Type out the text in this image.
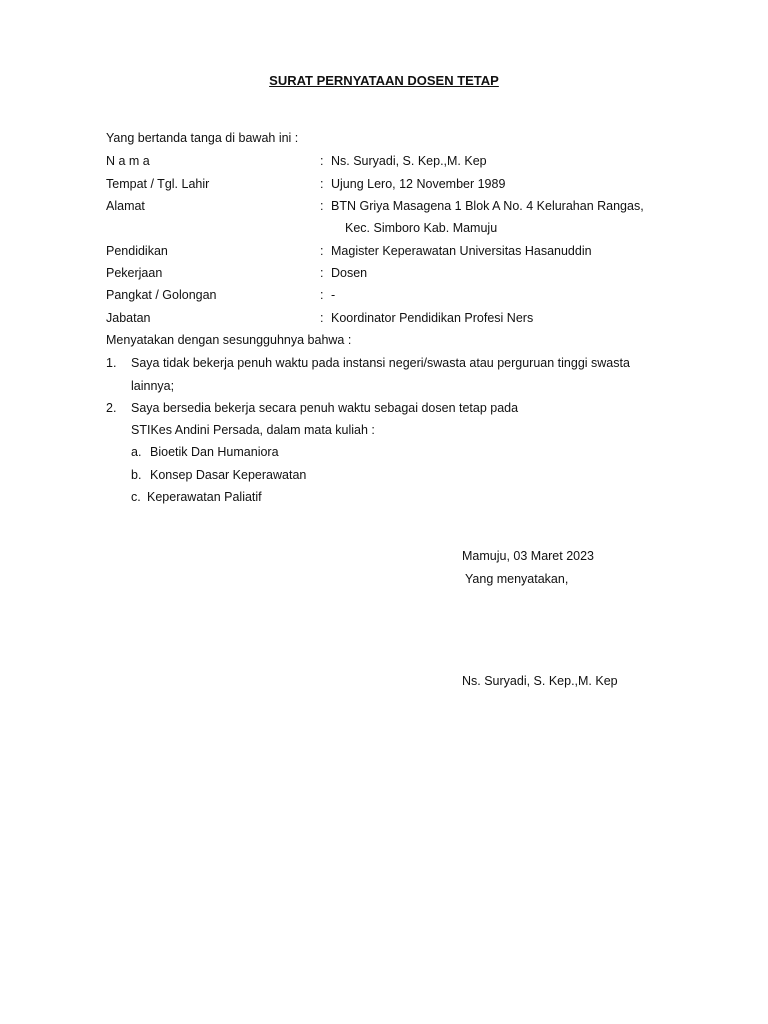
SURAT PERNYATAAN DOSEN TETAP
Yang bertanda tanga di bawah ini :
N a m a	: Ns. Suryadi, S. Kep.,M. Kep
Tempat / Tgl. Lahir	: Ujung Lero, 12 November 1989
Alamat	: BTN Griya Masagena 1 Blok A No. 4 Kelurahan Rangas,
Kec. Simboro Kab. Mamuju
Pendidikan	: Magister Keperawatan Universitas Hasanuddin
Pekerjaan	: Dosen
Pangkat / Golongan	: -
Jabatan	: Koordinator Pendidikan Profesi Ners
Menyatakan dengan sesungguhnya bahwa :
1. Saya tidak bekerja penuh waktu pada instansi negeri/swasta atau perguruan tinggi swasta
lainnya;
2. Saya bersedia bekerja secara penuh waktu sebagai dosen tetap pada
STIKes Andini Persada, dalam mata kuliah :
a. Bioetik Dan Humaniora
b. Konsep Dasar Keperawatan
c. Keperawatan Paliatif
Mamuju, 03 Maret 2023
Yang menyatakan,
Ns. Suryadi, S. Kep.,M. Kep
